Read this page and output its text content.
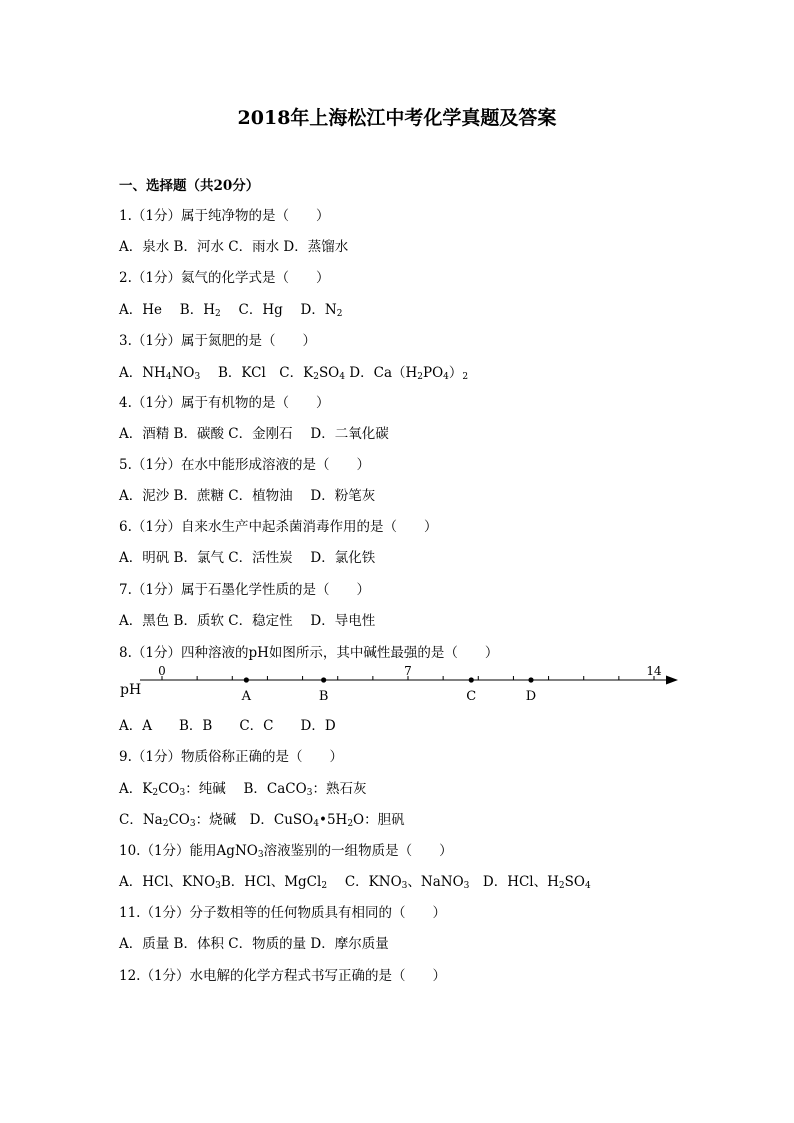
2018年上海松江中考化学真题及答案
一、选择题（共20分）
1.（1分）属于纯净物的是（　　）
A．泉水 B．河水 C．雨水 D．蒸馏水
2.（1分）氦气的化学式是（　　）
A．He　 B．$H_2$　 C．Hg　 D．$N_2$
3.（1分）属于氮肥的是（　　）
A．$NH_4NO_3$　 B．KCl　C．$K_2SO_4$ D．$Ca(H_2PO_4)_2$
4.（1分）属于有机物的是（　　）
A．酒精 B．碳酸 C．金刚石　 D．二氧化碳
5.（1分）在水中能形成溶液的是（　　）
A．泥沙 B．蔗糖 C．植物油　 D．粉笔灰
6.（1分）自来水生产中起杀菌消毒作用的是（　　）
A．明矾 B．氯气 C．活性炭　 D．氯化铁
7.（1分）属于石墨化学性质的是（　　）
A．黑色 B．质软 C．稳定性　 D．导电性
8.（1分）四种溶液的pH如图所示，其中碱性最强的是（　　）
pH
0	7	14
A	B	C	D
A．A　　B．B　　C．C　　D．D
9.（1分）物质俗称正确的是（　　）
A．$K_2CO_3$：纯碱　 B．CaCO$_3$：熟石灰
C．$Na_2CO_3$：烧碱　D．$CuSO_4•5H_2O$：胆矾
10.（1分）能用AgNO$_3$溶液鉴别的一组物质是（　　）
A．HCl、$KNO_3B$．HCl、MgCl$_2$　 C．$KNO_3$、NaNO$_3$　D．HCl、$H_2SO_4$
11.（1分）分子数相等的任何物质具有相同的（　　）
A．质量 B．体积 C．物质的量 D．摩尔质量
12.（1分）水电解的化学方程式书写正确的是（　　）
